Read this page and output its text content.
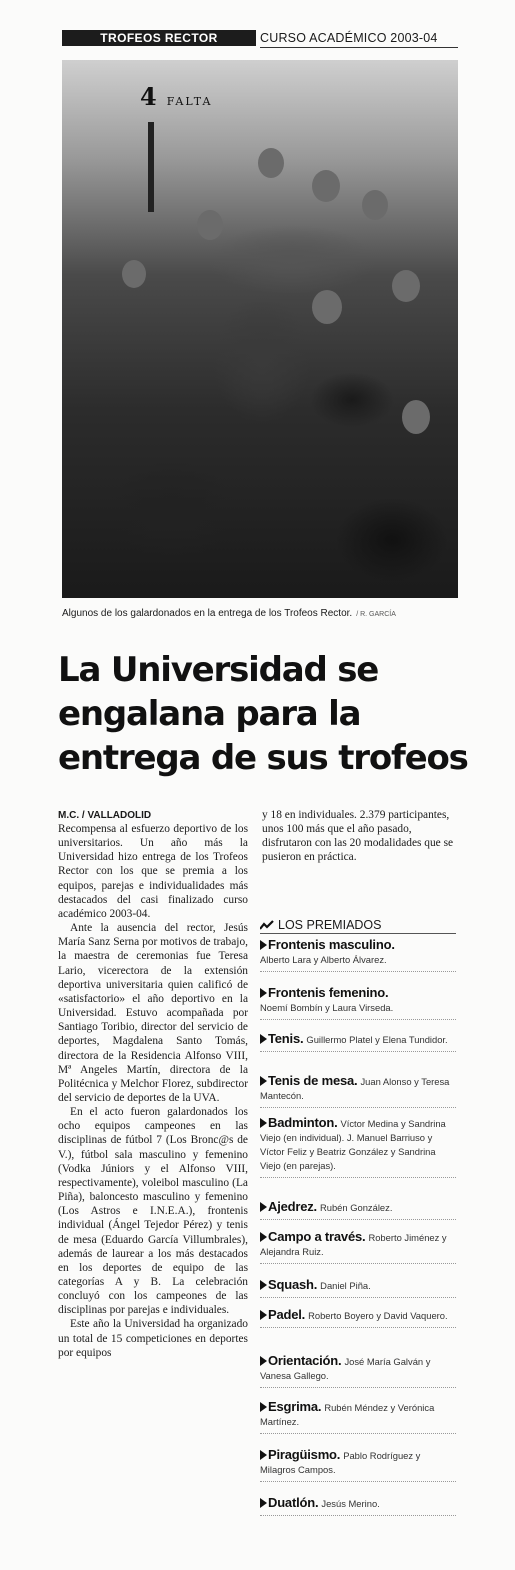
TROFEOS RECTOR	CURSO ACADÉMICO 2003-04
4 FALTA
Algunos de los galardonados en la entrega de los Trofeos Rector. / R. GARCÍA
La Universidad se engalana para la entrega de sus trofeos
M.C. / VALLADOLID

Recompensa al esfuerzo deportivo de los universitarios. Un año más la Universidad hizo entrega de los Trofeos Rector con los que se premia a los equipos, parejas e individualidades más destacados del casi finalizado curso académico 2003-04.

Ante la ausencia del rector, Jesús María Sanz Serna por motivos de trabajo, la maestra de ceremonias fue Teresa Lario, vicerectora de la extensión deportiva universitaria quien calificó de «satisfactorio» el año deportivo en la Universidad. Estuvo acompañada por Santiago Toribio, director del servicio de deportes, Magdalena Santo Tomás, directora de la Residencia Alfonso VIII, Mª Angeles Martín, directora de la Politécnica y Melchor Florez, subdirector del servicio de deportes de la UVA.

En el acto fueron galardonados los ocho equipos campeones en las disciplinas de fútbol 7 (Los Bronc@s de V.), fútbol sala masculino y femenino (Vodka Júniors y el Alfonso VIII, respectivamente), voleibol masculino (La Piña), baloncesto masculino y femenino (Los Astros e I.N.E.A.), frontenis individual (Ángel Tejedor Pérez) y tenis de mesa (Eduardo García Villumbrales), además de laurear a los más destacados en los deportes de equipo de las categorías A y B. La celebración concluyó con los campeones de las disciplinas por parejas e individuales.

Este año la Universidad ha organizado un total de 15 competiciones en deportes por equipos

y 18 en individuales. 2.379 participantes, unos 100 más que el año pasado, disfrutaron con las 20 modalidades que se pusieron en práctica.

LOS PREMIADOS
Frontenis masculino.
Alberto Lara y Alberto Álvarez.
Frontenis femenino.
Noemí Bombín y Laura Virseda.
Tenis. Guillermo Platel y Elena Tundidor.
Tenis de mesa. Juan Alonso y Teresa Mantecón.
Badminton. Víctor Medina y Sandrina Viejo (en individual). J. Manuel Barriuso y Víctor Feliz y Beatriz González y Sandrina Viejo (en parejas).
Ajedrez. Rubén González.
Campo a través. Roberto Jiménez y Alejandra Ruiz.
Squash. Daniel Piña.
Padel. Roberto Boyero y David Vaquero.
Orientación. José María Galván y Vanesa Gallego.
Esgrima. Rubén Méndez y Verónica Martínez.
Piragüismo. Pablo Rodríguez y Milagros Campos.
Duatlón. Jesús Merino.
